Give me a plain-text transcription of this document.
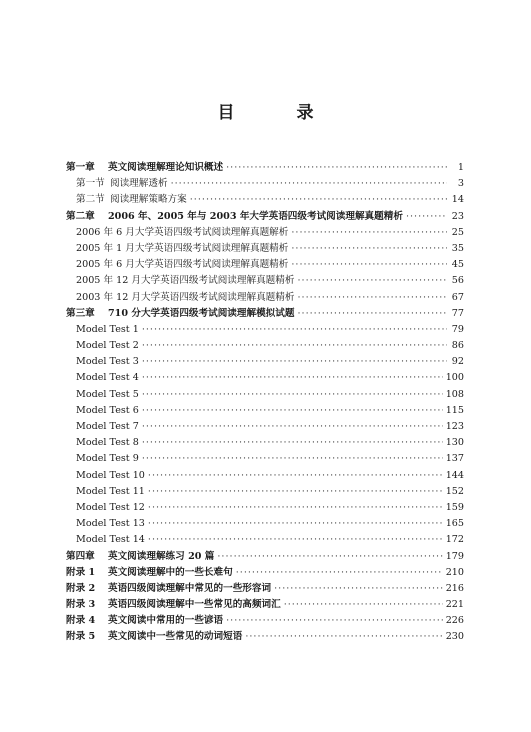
目 录
第一章 英文阅读理解理论知识概述 ·····	1
第一节 阅读理解透析 ·····	3
第二节 阅读理解策略方案 ·····	14
第二章 2006 年、2005 年与 2003 年大学英语四级考试阅读理解真题精析 ·····	23
2006 年 6 月大学英语四级考试阅读理解真题解析 ·····	25
2005 年 1 月大学英语四级考试阅读理解真题精析 ·····	35
2005 年 6 月大学英语四级考试阅读理解真题精析 ·····	45
2005 年 12 月大学英语四级考试阅读理解真题精析 ·····	56
2003 年 12 月大学英语四级考试阅读理解真题精析 ·····	67
第三章 710 分大学英语四级考试阅读理解模拟试题 ·····	77
Model Test 1 ·····	79
Model Test 2 ·····	86
Model Test 3 ·····	92
Model Test 4 ·····	100
Model Test 5 ·····	108
Model Test 6 ·····	115
Model Test 7 ·····	123
Model Test 8 ·····	130
Model Test 9 ·····	137
Model Test 10 ·····	144
Model Test 11 ·····	152
Model Test 12 ·····	159
Model Test 13 ·····	165
Model Test 14 ·····	172
第四章 英文阅读理解练习 20 篇 ·····	179
附录 1 英文阅读理解中的一些长难句 ·····	210
附录 2 英语四级阅读理解中常见的一些形容词 ·····	216
附录 3 英语四级阅读理解中一些常见的高频词汇 ·····	221
附录 4 英文阅读中常用的一些谚语 ·····	226
附录 5 英文阅读中一些常见的动词短语 ·····	230
